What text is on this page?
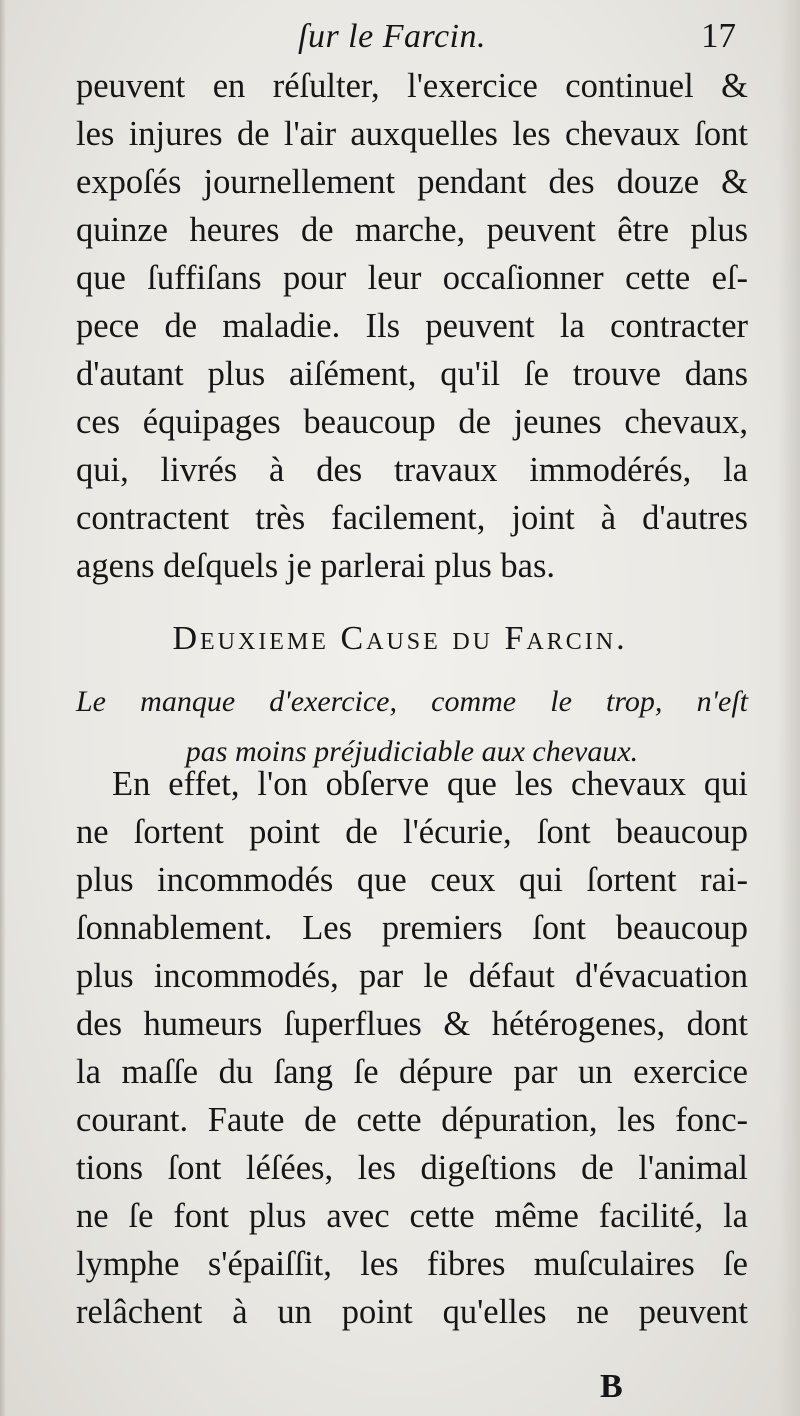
ſur le Farcin.	17
peuvent en réſulter, l'exercice continuel &
les injures de l'air auxquelles les chevaux ſont
expoſés journellement pendant des douze &
quinze heures de marche, peuvent être plus
que ſuffiſans pour leur occaſionner cette eſ-
pece de maladie. Ils peuvent la contracter
d'autant plus aiſément, qu'il ſe trouve dans
ces équipages beaucoup de jeunes chevaux,
qui, livrés à des travaux immodérés, la
contractent très facilement, joint à d'autres
agens deſquels je parlerai plus bas.
Deuxieme Cause du Farcin.
Le manque d'exercice, comme le trop, n'eſt
pas moins préjudiciable aux chevaux.
En effet, l'on obſerve que les chevaux qui
ne ſortent point de l'écurie, ſont beaucoup
plus incommodés que ceux qui ſortent rai-
ſonnablement. Les premiers ſont beaucoup
plus incommodés, par le défaut d'évacuation
des humeurs ſuperflues & hétérogenes, dont
la maſſe du ſang ſe dépure par un exercice
courant. Faute de cette dépuration, les fonc-
tions ſont léſées, les digeſtions de l'animal
ne ſe font plus avec cette même facilité, la
lymphe s'épaiſſit, les fibres muſculaires ſe
relâchent à un point qu'elles ne peuvent
B
